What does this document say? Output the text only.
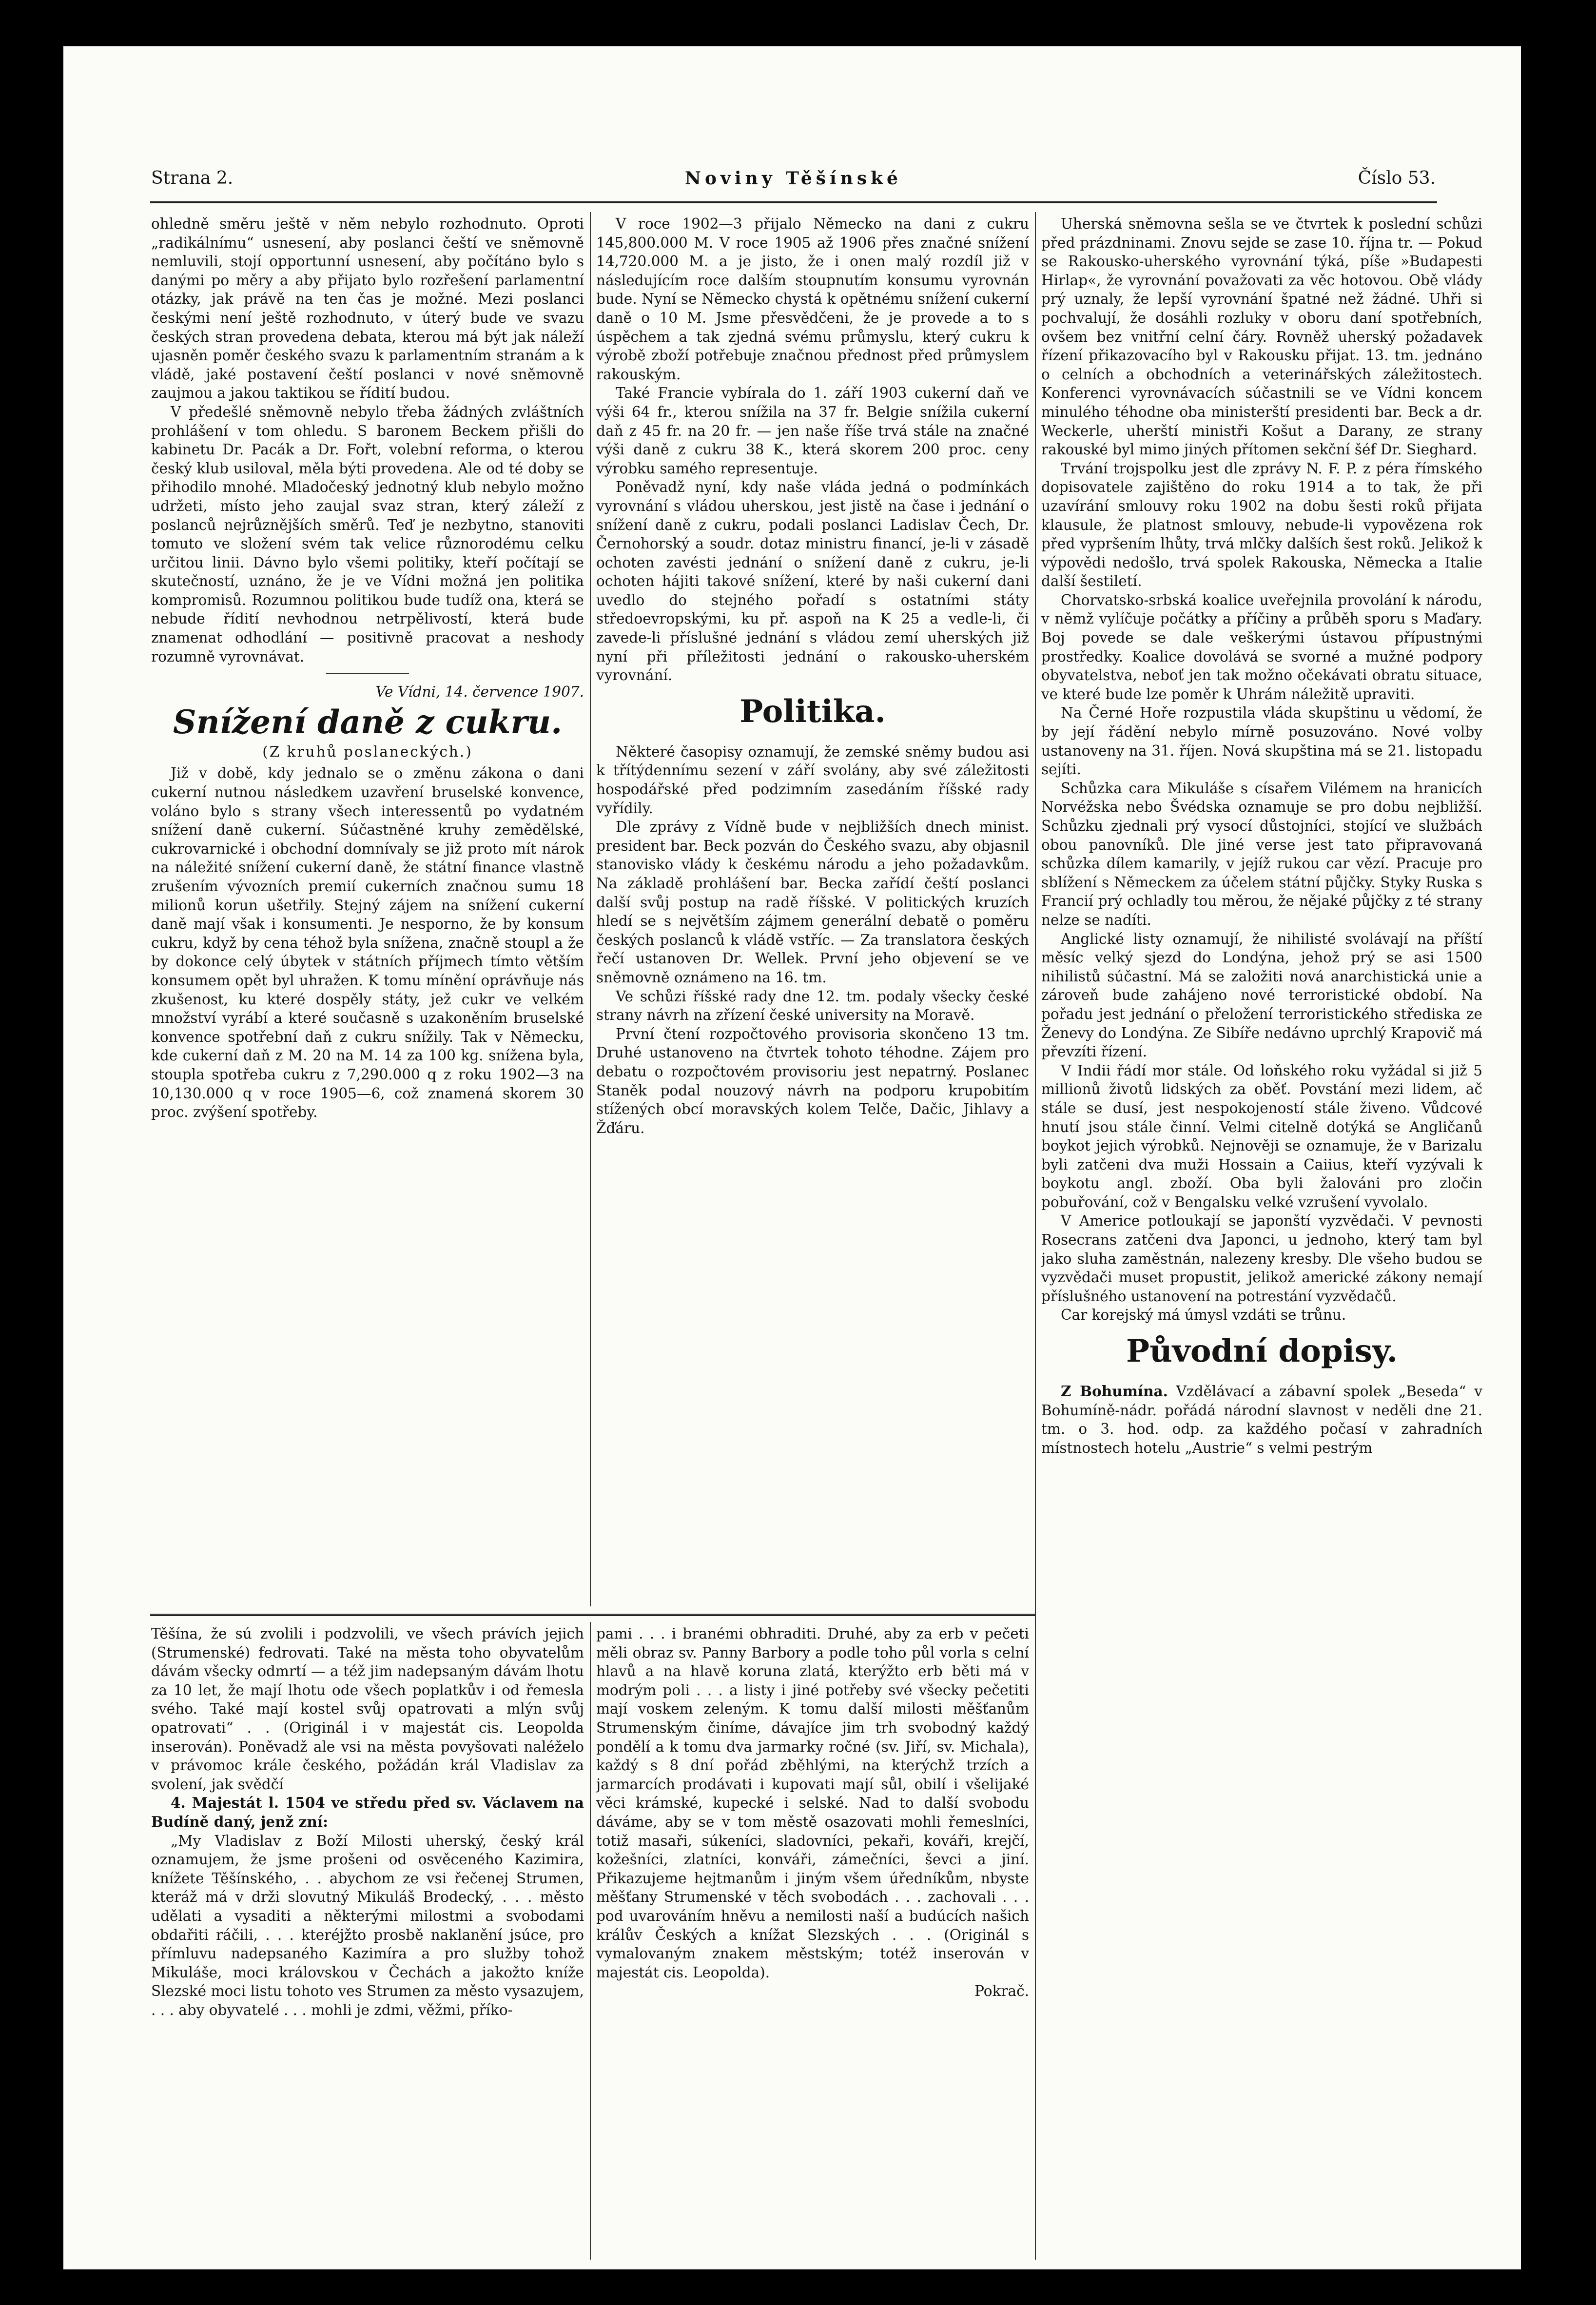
Strana 2.	Noviny Těšínské	Číslo 53.

ohledně směru ještě v něm nebylo rozhodnuto. Oproti „radikálnímu“ usnesení, aby poslanci čeští ve sněmovně nemluvili, stojí opportunní usnesení, aby počítáno bylo s danými po měry a aby přijato bylo rozřešení parlamentní otázky, jak právě na ten čas je možné. Mezi poslanci českými není ještě rozhodnuto, v úterý bude ve svazu českých stran provedena debata, kterou má být jak náleží ujasněn poměr českého svazu k parlamentním stranám a k vládě, jaké postavení čeští poslanci v nové sněmovně zaujmou a jakou taktikou se řídití budou.

V předešlé sněmovně nebylo třeba žádných zvláštních prohlášení v tom ohledu. S baronem Beckem přišli do kabinetu Dr. Pacák a Dr. Fořt, volební reforma, o kterou český klub usiloval, měla býti provedena. Ale od té doby se přihodilo mnohé. Mladočeský jednotný klub nebylo možno udržeti, místo jeho zaujal svaz stran, který záleží z poslanců nejrůznějších směrů. Teď je nezbytno, stanoviti tomuto ve složení svém tak velice různorodému celku určitou linii. Dávno bylo všemi politiky, kteří počítají se skutečností, uznáno, že je ve Vídni možná jen politika kompromisů. Rozumnou politikou bude tudíž ona, která se nebude řídití nevhodnou netrpělivostí, která bude znamenat odhodlání — positivně pracovat a neshody rozumně vyrovnávat.

Ve Vídni, 14. července 1907.

Snížení daně z cukru.
(Z kruhů poslaneckých.)

Již v době, kdy jednalo se o změnu zákona o dani cukerní nutnou následkem uzavření bruselské konvence, voláno bylo s strany všech interessentů po vydatném snížení daně cukerní. Súčastněné kruhy zemědělské, cukrovarnické i obchodní domnívaly se již proto mít nárok na náležité snížení cukerní daně, že státní finance vlastně zrušením vývozních premií cukerních značnou sumu 18 milionů korun ušetřily. Stejný zájem na snížení cukerní daně mají však i konsumenti. Je nesporno, že by konsum cukru, když by cena téhož byla snížena, značně stoupl a že by dokonce celý úbytek v státních příjmech tímto větším konsumem opět byl uhražen. K tomu mínění oprávňuje nás zkušenost, ku které dospěly státy, jež cukr ve velkém množství vyrábí a které současně s uzakoněním bruselské konvence spotřební daň z cukru snížily. Tak v Německu, kde cukerní daň z M. 20 na M. 14 za 100 kg. snížena byla, stoupla spotřeba cukru z 7,290.000 q z roku 1902—3 na 10,130.000 q v roce 1905—6, což znamená skorem 30 proc. zvýšení spotřeby.

V roce 1902—3 přijalo Německo na dani z cukru 145,800.000 M. V roce 1905 až 1906 přes značné snížení 14,720.000 M. a je jisto, že i onen malý rozdíl již v následujícím roce dalším stoupnutím konsumu vyrovnán bude. Nyní se Německo chystá k opětnému snížení cukerní daně o 10 M. Jsme přesvědčeni, že je provede a to s úspěchem a tak zjedná svému průmyslu, který cukru k výrobě zboží potřebuje značnou přednost před průmyslem rakouským.

Také Francie vybírala do 1. září 1903 cukerní daň ve výši 64 fr., kterou snížila na 37 fr. Belgie snížila cukerní daň z 45 fr. na 20 fr. — jen naše říše trvá stále na značné výši daně z cukru 38 K., která skorem 200 proc. ceny výrobku samého representuje.

Poněvadž nyní, kdy naše vláda jedná o podmínkách vyrovnání s vládou uherskou, jest jistě na čase i jednání o snížení daně z cukru, podali poslanci Ladislav Čech, Dr. Černohorský a soudr. dotaz ministru financí, je-li v zásadě ochoten zavésti jednání o snížení daně z cukru, je-li ochoten hájiti takové snížení, které by naši cukerní dani uvedlo do stejného pořadí s ostatními státy středoevropskými, ku př. aspoň na K 25 a vedle-li, či zavede-li příslušné jednání s vládou zemí uherských již nyní při příležitosti jednání o rakousko-uherském vyrovnání.

Politika.

Některé časopisy oznamují, že zemské sněmy budou asi k třítýdennímu sezení v září svolány, aby své záležitosti hospodářské před podzimním zasedáním říšské rady vyřídily.

Dle zprávy z Vídně bude v nejbližších dnech minist. president bar. Beck pozván do Českého svazu, aby objasnil stanovisko vlády k českému národu a jeho požadavkům. Na základě prohlášení bar. Becka zařídí čeští poslanci další svůj postup na radě říšské. V politických kruzích hledí se s největším zájmem generální debatě o poměru českých poslanců k vládě vstříc. — Za translatora českých řečí ustanoven Dr. Wellek. První jeho objevení se ve sněmovně oznámeno na 16. tm.

Ve schůzi říšské rady dne 12. tm. podaly všecky české strany návrh na zřízení české university na Moravě.

První čtení rozpočtového provisoria skončeno 13 tm. Druhé ustanoveno na čtvrtek tohoto téhodne. Zájem pro debatu o rozpočtovém provisoriu jest nepatrný. Poslanec Staněk podal nouzový návrh na podporu krupobitím stížených obcí moravských kolem Telče, Dačic, Jihlavy a Žďáru.

Uherská sněmovna sešla se ve čtvrtek k poslední schůzi před prázdninami. Znovu sejde se zase 10. října tr. — Pokud se Rakousko-uherského vyrovnání týká, píše »Budapesti Hirlap«, že vyrovnání považovati za věc hotovou. Obě vlády prý uznaly, že lepší vyrovnání špatné než žádné. Uhři si pochvalují, že dosáhli rozluky v oboru daní spotřebních, ovšem bez vnitřní celní čáry. Rovněž uherský požadavek řízení přikazovacího byl v Rakousku přijat. 13. tm. jednáno o celních a obchodních a veterinářských záležitostech. Konferenci vyrovnávacích súčastnili se ve Vídni koncem minulého téhodne oba ministerští presidenti bar. Beck a dr. Weckerle, uherští ministři Košut a Darany, ze strany rakouské byl mimo jiných přítomen sekční šéf Dr. Sieghard.

Trvání trojspolku jest dle zprávy N. F. P. z péra římského dopisovatele zajištěno do roku 1914 a to tak, že při uzavírání smlouvy roku 1902 na dobu šesti roků přijata klausule, že platnost smlouvy, nebude-li vypovězena rok před vypršením lhůty, trvá mlčky dalších šest roků. Jelikož k výpovědi nedošlo, trvá spolek Rakouska, Německa a Italie další šestiletí.

Chorvatsko-srbská koalice uveřejnila provolání k národu, v němž vylíčuje počátky a příčiny a průběh sporu s Maďary. Boj povede se dale veškerými ústavou přípustnými prostředky. Koalice dovolává se svorné a mužné podpory obyvatelstva, neboť jen tak možno očekávati obratu situace, ve které bude lze poměr k Uhrám náležitě upraviti.

Na Černé Hoře rozpustila vláda skupštinu u vědomí, že by její řádění nebylo mírně posuzováno. Nové volby ustanoveny na 31. říjen. Nová skupština má se 21. listopadu sejíti.

Schůzka cara Mikuláše s císařem Vilémem na hranicích Norvéžska nebo Švédska oznamuje se pro dobu nejbližší. Schůzku zjednali prý vysocí důstojníci, stojící ve službách obou panovníků. Dle jiné verse jest tato připravovaná schůzka dílem kamarily, v jejíž rukou car vězí. Pracuje pro sblížení s Německem za účelem státní půjčky. Styky Ruska s Francií prý ochladly tou měrou, že nějaké půjčky z té strany nelze se nadíti.

Anglické listy oznamují, že nihilisté svolávají na příští měsíc velký sjezd do Londýna, jehož prý se asi 1500 nihilistů súčastní. Má se založiti nová anarchistická unie a zároveň bude zahájeno nové terroristické období. Na pořadu jest jednání o přeložení terroristického střediska ze Ženevy do Londýna. Ze Sibíře nedávno uprchlý Krapovič má převzíti řízení.

V Indii řádí mor stále. Od loňského roku vyžádal si již 5 millionů životů lidských za oběť. Povstání mezi lidem, ač stále se dusí, jest nespokojeností stále živeno. Vůdcové hnutí jsou stále činní. Velmi citelně dotýká se Angličanů boykot jejich výrobků. Nejnověji se oznamuje, že v Barizalu byli zatčeni dva muži Hossain a Caiius, kteří vyzývali k boykotu angl. zboží. Oba byli žalováni pro zločin pobuřování, což v Bengalsku velké vzrušení vyvolalo.

V Americe potloukají se japonští vyzvědači. V pevnosti Rosecrans zatčeni dva Japonci, u jednoho, který tam byl jako sluha zaměstnán, nalezeny kresby. Dle všeho budou se vyzvědači muset propustit, jelikož americké zákony nemají příslušného ustanovení na potrestání vyzvědačů.

Car korejský má úmysl vzdáti se trůnu.

Původní dopisy.

Z Bohumína. Vzdělávací a zábavní spolek „Beseda“ v Bohumíně-nádr. pořádá národní slavnost v neděli dne 21. tm. o 3. hod. odp. za každého počasí v zahradních místnostech hotelu „Austrie“ s velmi pestrým

Těšína, že sú zvolili i podzvolili, ve všech právích jejich (Strumenské) fedrovati. Také na města toho obyvatelům dávám všecky odmrtí — a též jim nadepsaným dávám lhotu za 10 let, že mají lhotu ode všech poplatkův i od řemesla svého. Také mají kostel svůj opatrovati a mlýn svůj opatrovati“ . . (Originál i v majestát cis. Leopolda inserován). Poněvadž ale vsi na města povyšovati naléželo v právomoc krále českého, požádán král Vladislav za svolení, jak svědčí

4. Majestát l. 1504 ve středu před sv. Václavem na Budíně daný, jenž zní:

„My Vladislav z Boží Milosti uherský, český král oznamujem, že jsme prošeni od osvěceného Kazimira, knížete Těšínského, . . abychom ze vsi řečenej Strumen, kteráž má v drži slovutný Mikuláš Brodecký, . . . město udělati a vysaditi a některými milostmi a svobodami obdařiti ráčili, . . . kteréjžto prosbě naklanění jsúce, pro přímluvu nadepsaného Kazimíra a pro služby tohož Mikuláše, moci královskou v Čechách a jakožto kníže Slezské moci listu tohoto ves Strumen za město vysazujem, . . . aby obyvatelé . . . mohli je zdmi, věžmi, příko-

pami . . . i branémi obhraditi. Druhé, aby za erb v pečeti měli obraz sv. Panny Barbory a podle toho půl vorla s celní hlavů a na hlavě koruna zlatá, kterýžto erb běti má v modrým poli . . . a listy i jiné potřeby své všecky pečetiti mají voskem zeleným. K tomu další milosti měšťanům Strumenským činíme, dávajíce jim trh svobodný každý pondělí a k tomu dva jarmarky ročné (sv. Jiří, sv. Michala), každý s 8 dní pořád zběhlými, na kterýchž trzích a jarmarcích prodávati i kupovati mají sůl, obilí i všelijaké věci krámské, kupecké i selské. Nad to další svobodu dáváme, aby se v tom městě osazovati mohli řemeslníci, totiž masaři, súkeníci, sladovníci, pekaři, kováři, krejčí, kožešníci, zlatníci, konváři, zámečníci, ševci a jiní. Přikazujeme hejtmanům i jiným všem úředníkům, nbyste měšťany Strumenské v těch svobodách . . . zachovali . . . pod uvarováním hněvu a nemilosti naší a budúcích našich králův Českých a knížat Slezských . . . (Originál s vymalovaným znakem městským; totéž inserován v majestát cis. Leopolda).

Pokrač.
